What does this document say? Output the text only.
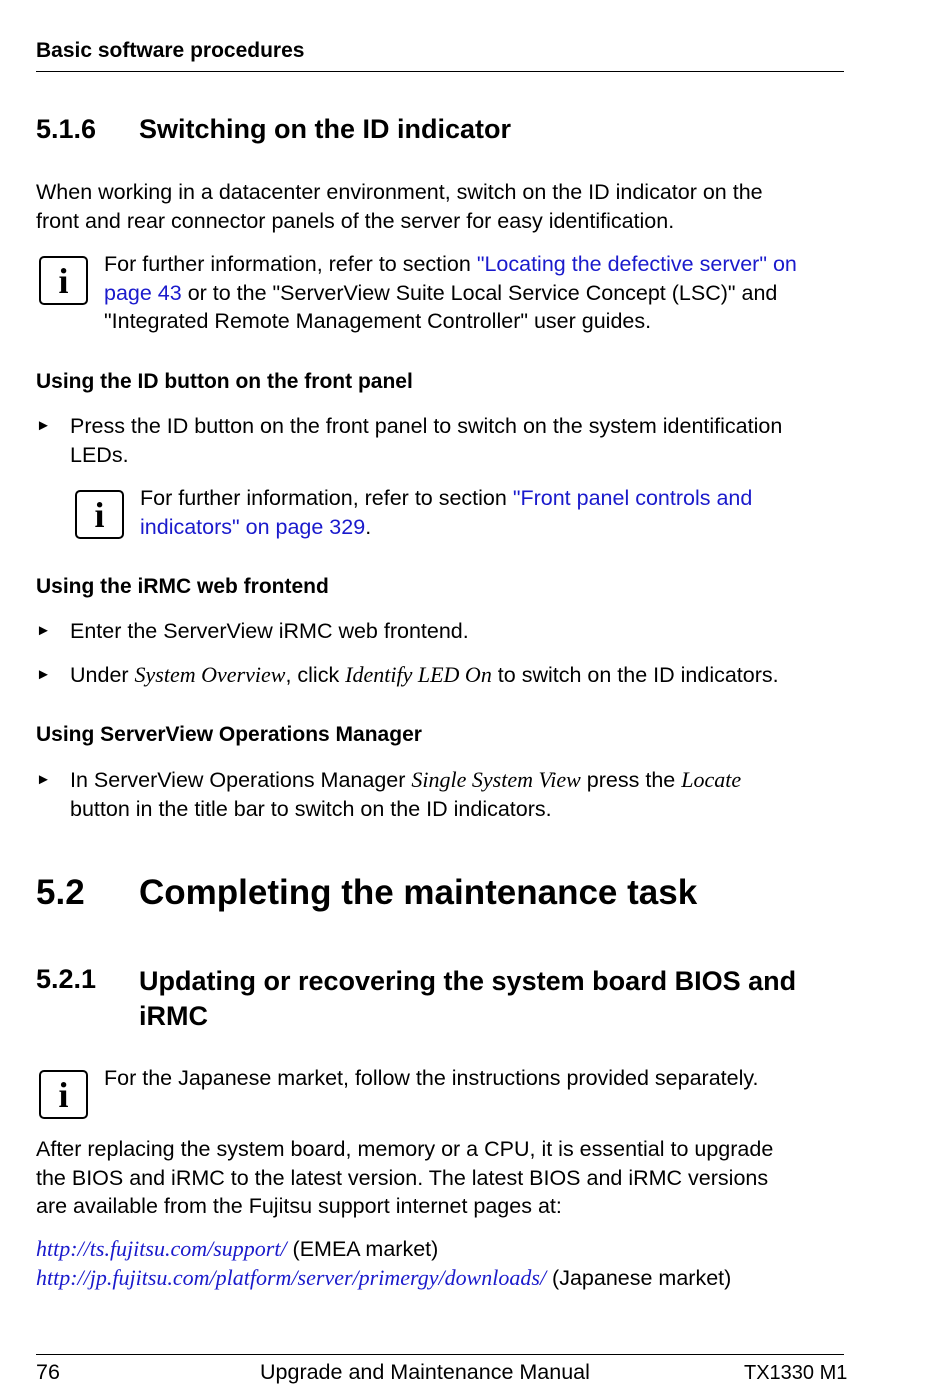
Basic software procedures
5.1.6 Switching on the ID indicator
When working in a datacenter environment, switch on the ID indicator on the
front and rear connector panels of the server for easy identification.
i	For further information, refer to section "Locating the defective server" on
page 43 or to the "ServerView Suite Local Service Concept (LSC)" and
"Integrated Remote Management Controller" user guides.
Using the ID button on the front panel
► Press the ID button on the front panel to switch on the system identification
LEDs.
i	For further information, refer to section "Front panel controls and
indicators" on page 329.
Using the iRMC web frontend
► Enter the ServerView iRMC web frontend.
► Under System Overview, click Identify LED On to switch on the ID indicators.
Using ServerView Operations Manager
► In ServerView Operations Manager Single System View press the Locate
button in the title bar to switch on the ID indicators.
5.2 Completing the maintenance task
5.2.1 Updating or recovering the system board BIOS and
iRMC
i	For the Japanese market, follow the instructions provided separately.
After replacing the system board, memory or a CPU, it is essential to upgrade
the BIOS and iRMC to the latest version. The latest BIOS and iRMC versions
are available from the Fujitsu support internet pages at:
http://ts.fujitsu.com/support/ (EMEA market)
http://jp.fujitsu.com/platform/server/primergy/downloads/ (Japanese market)
76	Upgrade and Maintenance Manual	TX1330 M1
